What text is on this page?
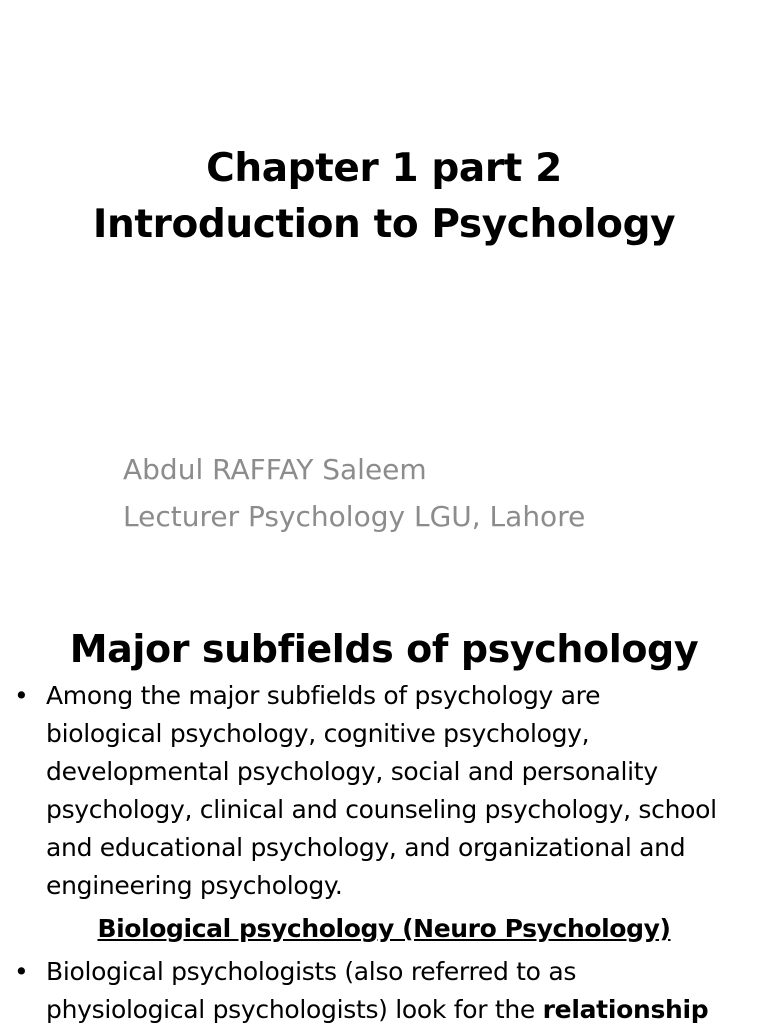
Chapter 1 part 2
Introduction to Psychology
Abdul RAFFAY Saleem
Lecturer Psychology LGU, Lahore
Major subfields of psychology
• Among the major subfields of psychology are
biological psychology, cognitive psychology,
developmental psychology, social and personality
psychology, clinical and counseling psychology, school
and educational psychology, and organizational and
engineering psychology.
Biological psychology (Neuro Psychology)
• Biological psychologists (also referred to as
physiological psychologists) look for the relationship
